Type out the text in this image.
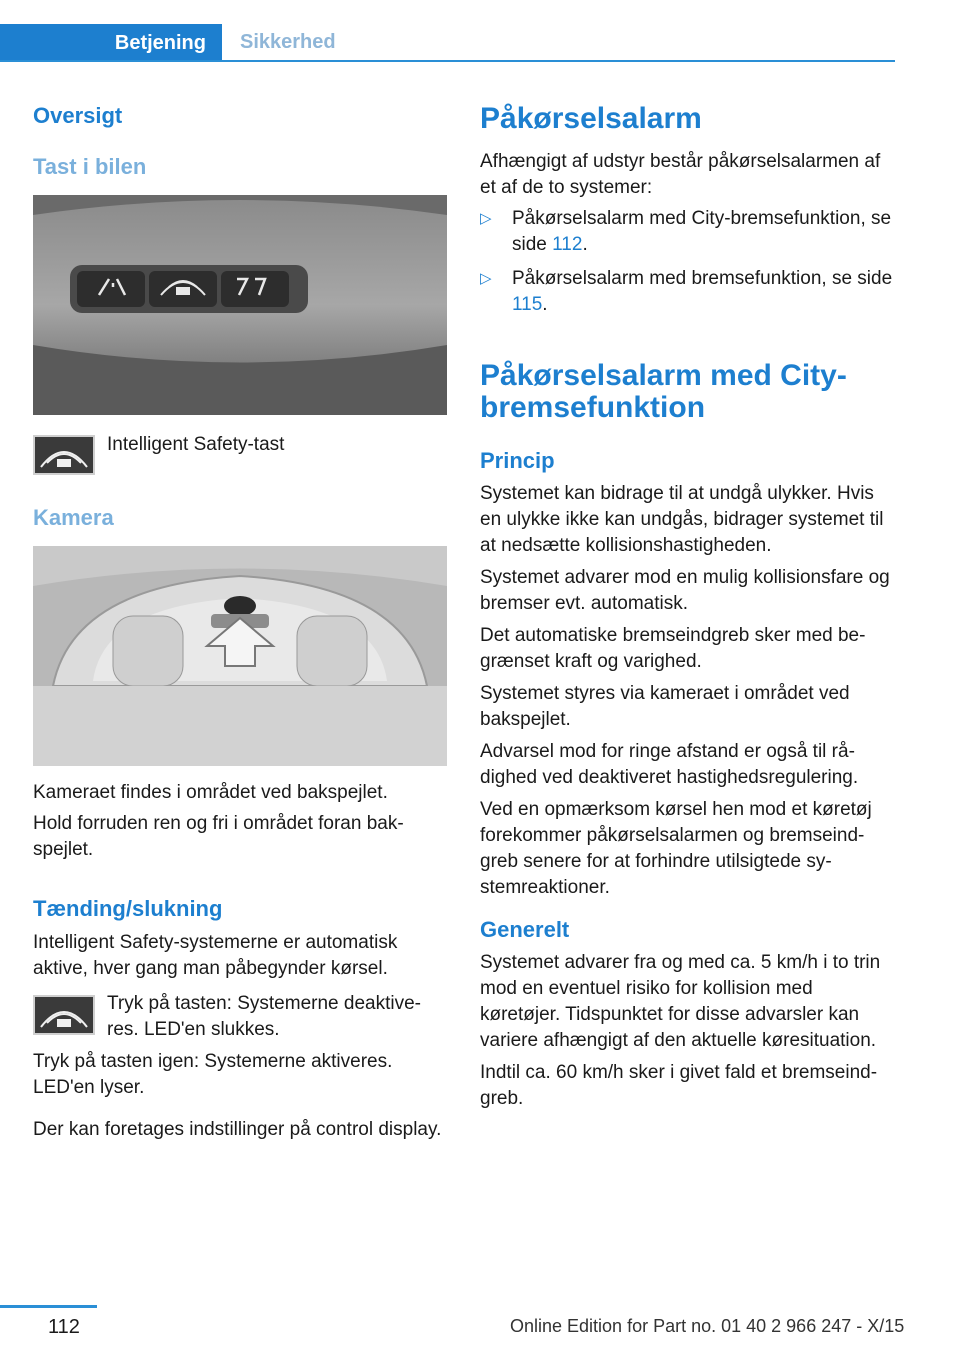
Betjening	Sikkerhed
Oversigt
Tast i bilen
Intelligent Safety-tast
Kamera

Kameraet findes i området ved bakspejlet.

Hold forruden ren og fri i området foran bakspejlet.

Tænding/slukning

Intelligent Safety-systemerne er automatisk aktive, hver gang man påbegynder kørsel.

Tryk på tasten: Systemerne deaktiveres. LED'en slukkes.

Tryk på tasten igen: Systemerne aktiveres. LED'en lyser.

Der kan foretages indstillinger på control display.

Påkørselsalarm

Afhængigt af udstyr består påkørselsalarmen af et af de to systemer:

▷ Påkørselsalarm med City-bremsefunktion, se side 112.
▷ Påkørselsalarm med bremsefunktion, se side 115.
Påkørselsalarm med City-bremsefunktion
Princip

Systemet kan bidrage til at undgå ulykker. Hvis en ulykke ikke kan undgås, bidrager systemet til at nedsætte kollisionshastigheden.

Systemet advarer mod en mulig kollisionsfare og bremser evt. automatisk.

Det automatiske bremseindgreb sker med begrænset kraft og varighed.

Systemet styres via kameraet i området ved bakspejlet.

Advarsel mod for ringe afstand er også til rådighed ved deaktiveret hastighedsregulering.

Ved en opmærksom kørsel hen mod et køretøj forekommer påkørselsalarmen og bremseindgreb senere for at forhindre utilsigtede systemreaktioner.

Generelt

Systemet advarer fra og med ca. 5 km/h i to trin mod en eventuel risiko for kollision med køretøjer. Tidspunktet for disse advarsler kan variere afhængigt af den aktuelle køresituation.

Indtil ca. 60 km/h sker i givet fald et bremseindgreb.

112	Online Edition for Part no. 01 40 2 966 247 - X/15
